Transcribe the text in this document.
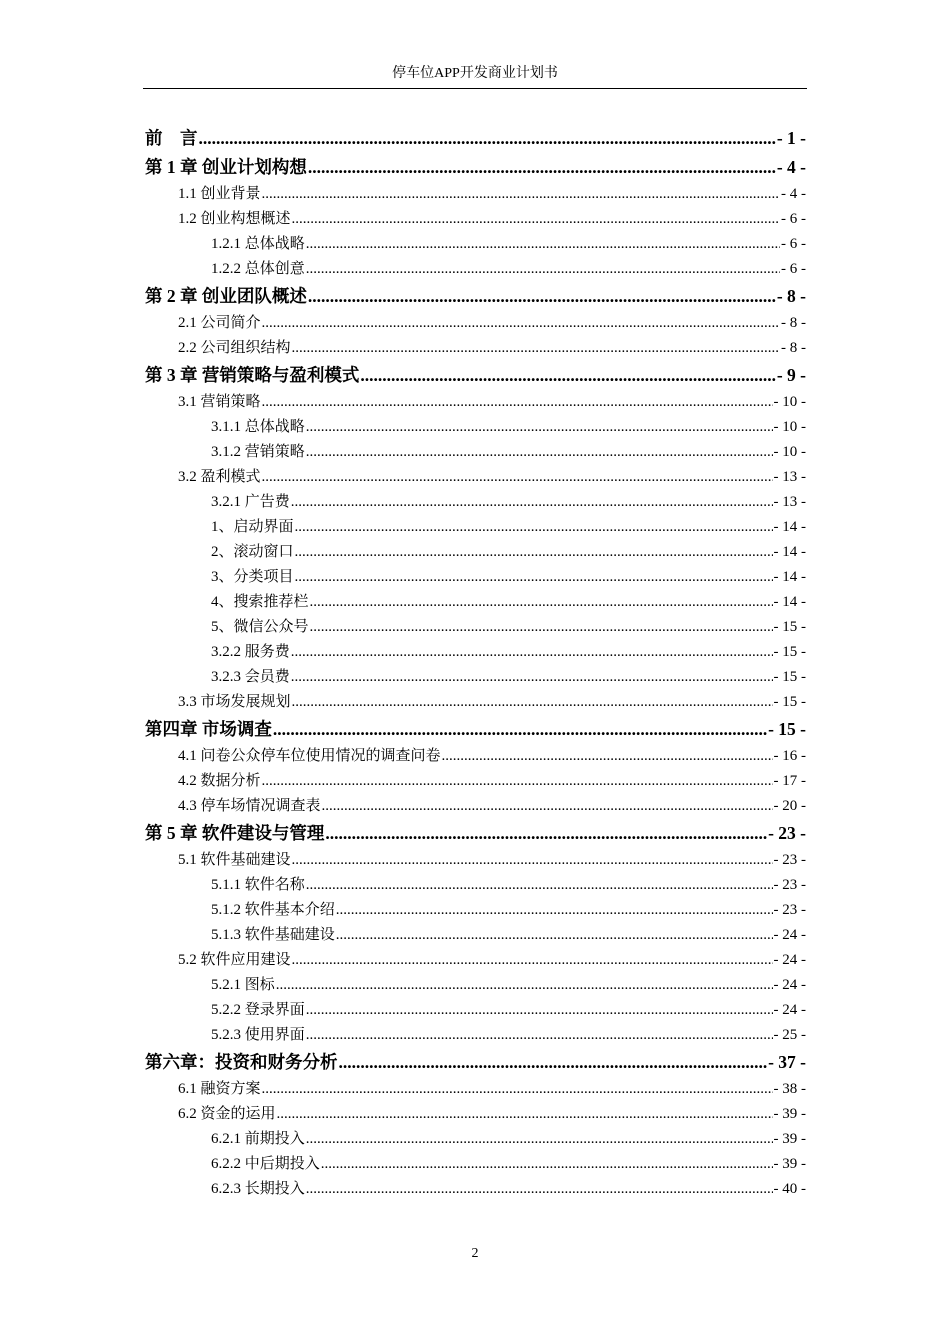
停车位APP开发商业计划书
前　言 .....	- 1 -
第 1 章 创业计划构想 .....	- 4 -
1.1 创业背景 .....	- 4 -
1.2 创业构想概述 .....	- 6 -
1.2.1 总体战略 .....	- 6 -
1.2.2 总体创意 .....	- 6 -
第 2 章 创业团队概述 .....	- 8 -
2.1 公司简介 .....	- 8 -
2.2 公司组织结构 .....	- 8 -
第 3 章 营销策略与盈利模式 .....	- 9 -
3.1 营销策略 .....	- 10 -
3.1.1 总体战略 .....	- 10 -
3.1.2 营销策略 .....	- 10 -
3.2 盈利模式 .....	- 13 -
3.2.1 广告费 .....	- 13 -
1、启动界面 .....	- 14 -
2、滚动窗口 .....	- 14 -
3、分类项目 .....	- 14 -
4、搜索推荐栏 .....	- 14 -
5、微信公众号 .....	- 15 -
3.2.2 服务费 .....	- 15 -
3.2.3 会员费 .....	- 15 -
3.3 市场发展规划 .....	- 15 -
第四章 市场调查 .....	- 15 -
4.1 问卷公众停车位使用情况的调查问卷 .....	- 16 -
4.2 数据分析 .....	- 17 -
4.3 停车场情况调查表 .....	- 20 -
第 5 章 软件建设与管理 .....	- 23 -
5.1 软件基础建设 .....	- 23 -
5.1.1 软件名称 .....	- 23 -
5.1.2 软件基本介绍 .....	- 23 -
5.1.3 软件基础建设 .....	- 24 -
5.2 软件应用建设 .....	- 24 -
5.2.1 图标 .....	- 24 -
5.2.2 登录界面 .....	- 24 -
5.2.3 使用界面 .....	- 25 -
第六章：投资和财务分析 .....	- 37 -
6.1 融资方案 .....	- 38 -
6.2 资金的运用 .....	- 39 -
6.2.1 前期投入 .....	- 39 -
6.2.2 中后期投入 .....	- 39 -
6.2.3 长期投入 .....	- 40 -
2
